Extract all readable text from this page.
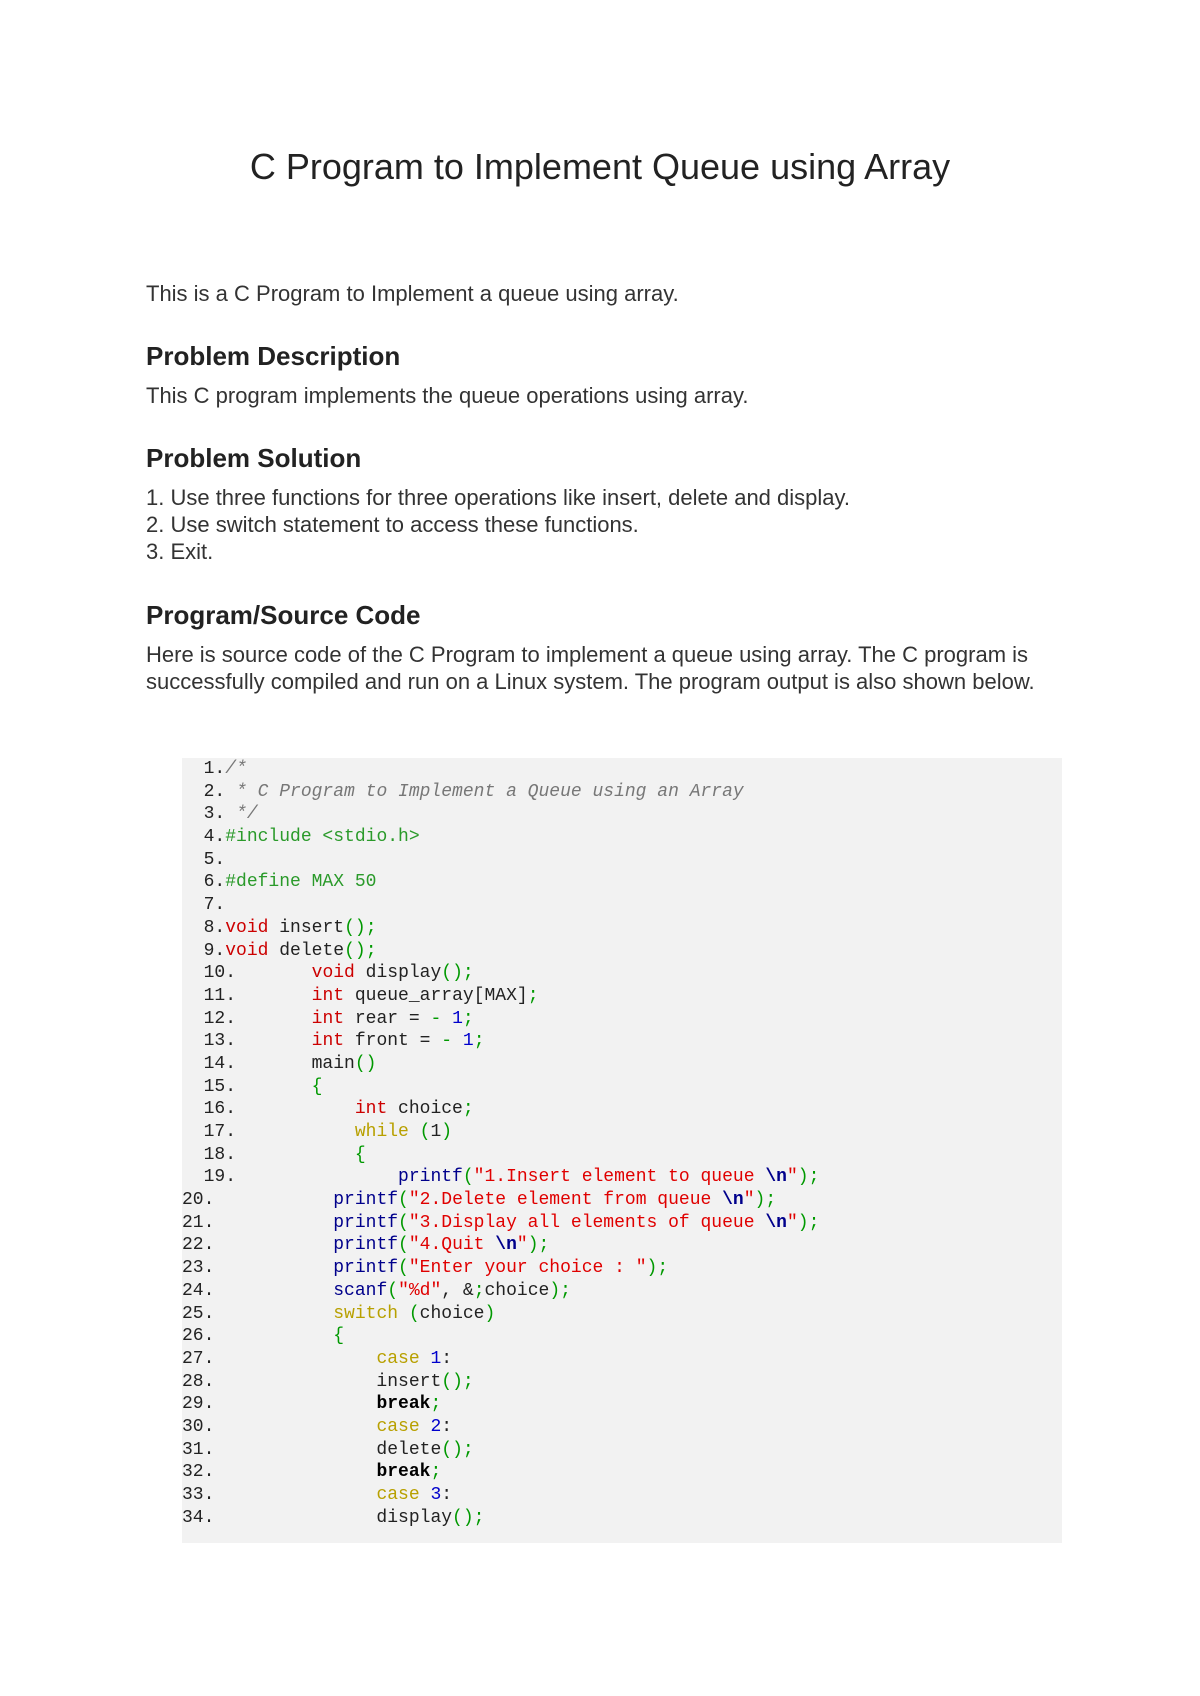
C Program to Implement Queue using Array
This is a C Program to Implement a queue using array.
Problem Description
This C program implements the queue operations using array.
Problem Solution
1. Use three functions for three operations like insert, delete and display.
2. Use switch statement to access these functions.
3. Exit.
Program/Source Code
Here is source code of the C Program to implement a queue using array. The C program is successfully compiled and run on a Linux system. The program output is also shown below.
1./*
2. * C Program to Implement a Queue using an Array
3. */
4.#include <stdio.h>
5.
6.#define MAX 50
7.
8.void insert();
9.void delete();
10.	void display();
11.	int queue_array[MAX];
12.	int rear = - 1;
13.	int front = - 1;
14.       main()
15.	{
16.	int choice;
17.	while (1)
18.	{
19.	printf("1.Insert element to queue \n");
20.	printf("2.Delete element from queue \n");
21.	printf("3.Display all elements of queue \n");
22.	printf("4.Quit \n");
23.	printf("Enter your choice : ");
24.	scanf("%d", &;choice);
25.	switch (choice)
26.	{
27.	case 1:
28.               insert();
29.	break;
30.	case 2:
31.               delete();
32.	break;
33.	case 3:
34.               display();
